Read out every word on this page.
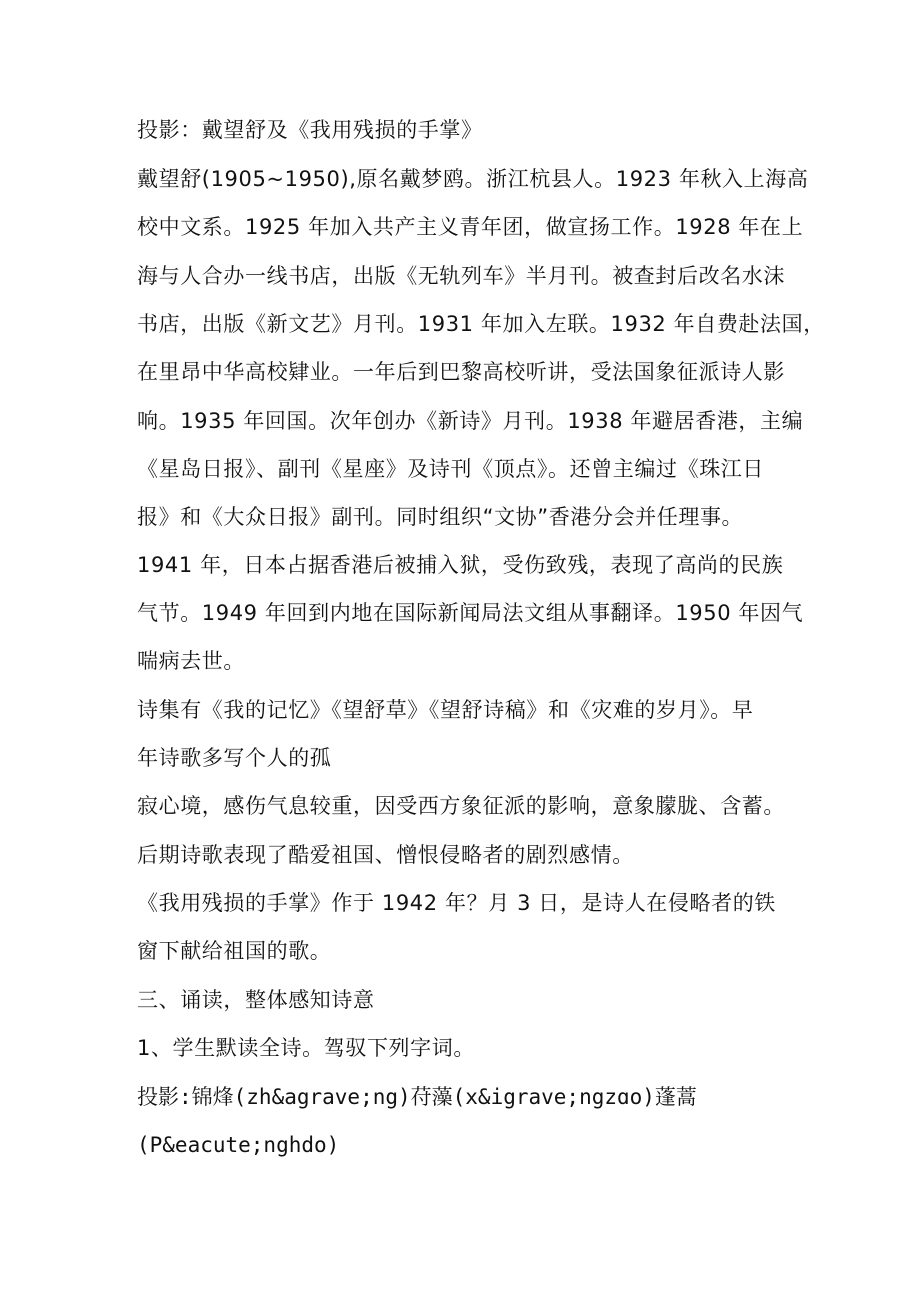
投影：戴望舒及《我用残损的手掌》

戴望舒(1905~1950),原名戴梦鸥。浙江杭县人。1923 年秋入上海高

校中文系。1925 年加入共产主义青年团，做宣扬工作。1928 年在上

海与人合办一线书店，出版《无轨列车》半月刊。被查封后改名水沫

书店，出版《新文艺》月刊。1931 年加入左联。1932 年自费赴法国，

在里昂中华高校肄业。一年后到巴黎高校听讲，受法国象征派诗人影

响。1935 年回国。次年创办《新诗》月刊。1938 年避居香港，主编

《星岛日报》、副刊《星座》及诗刊《顶点》。还曾主编过《珠江日

报》和《大众日报》副刊。同时组织“文协”香港分会并任理事。

1941 年，日本占据香港后被捕入狱，受伤致残，表现了高尚的民族

气节。1949 年回到内地在国际新闻局法文组从事翻译。1950 年因气

喘病去世。

诗集有《我的记忆》《望舒草》《望舒诗稿》和《灾难的岁月》。早

年诗歌多写个人的孤

寂心境，感伤气息较重，因受西方象征派的影响，意象朦胧、含蓄。

后期诗歌表现了酷爱祖国、憎恨侵略者的剧烈感情。

《我用残损的手掌》作于 1942 年？月 3 日，是诗人在侵略者的铁

窗下献给祖国的歌。

三、诵读，整体感知诗意

1、学生默读全诗。驾驭下列字词。

投影:锦烽(zh&agrave;ng)苻藻(x&igrave;ngzɑo)蓬蒿

(P&eacute;nghdo)
